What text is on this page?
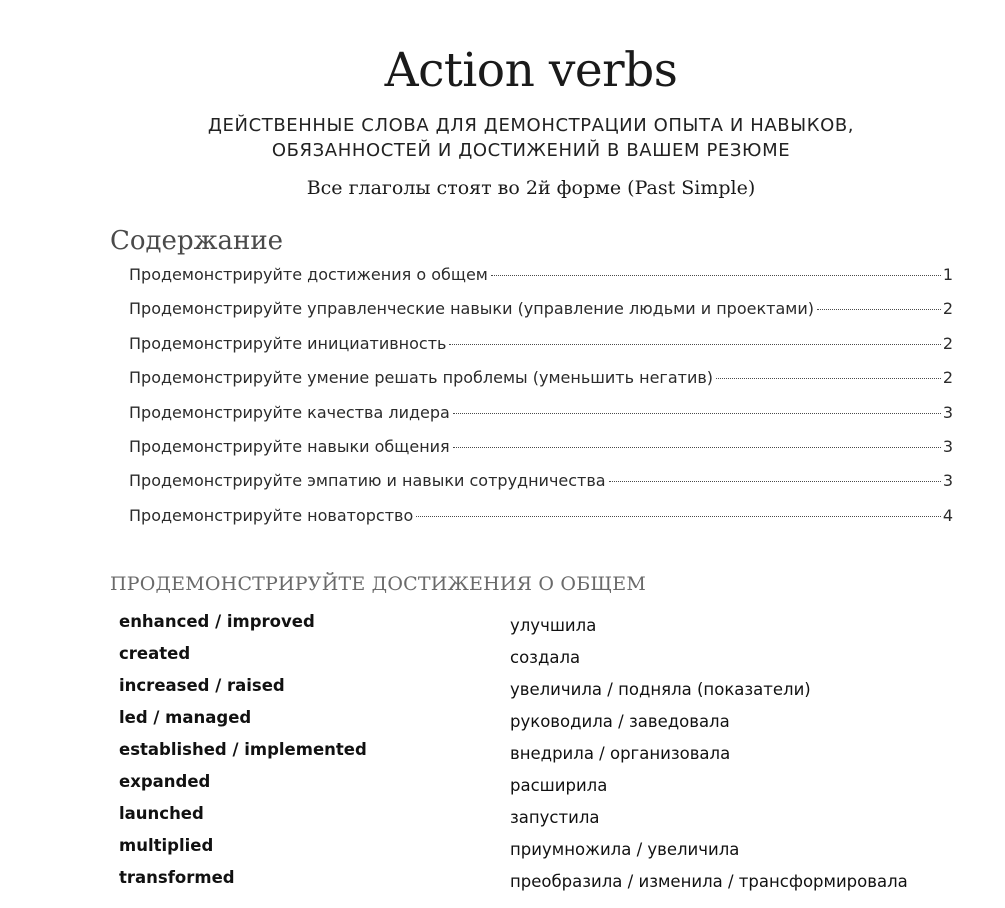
Action verbs
ДЕЙСТВЕННЫЕ СЛОВА ДЛЯ ДЕМОНСТРАЦИИ ОПЫТА И НАВЫКОВ,
ОБЯЗАННОСТЕЙ И ДОСТИЖЕНИЙ В ВАШЕМ РЕЗЮМЕ
Все глаголы стоят во 2й форме (Past Simple)
Содержание
Продемонстрируйте достижения о общем	1
Продемонстрируйте управленческие навыки (управление людьми и проектами)	2
Продемонстрируйте инициативность	2
Продемонстрируйте умение решать проблемы (уменьшить негатив)	2
Продемонстрируйте качества лидера	3
Продемонстрируйте навыки общения	3
Продемонстрируйте эмпатию и навыки сотрудничества	3
Продемонстрируйте новаторство	4
ПРОДЕМОНСТРИРУЙТЕ ДОСТИЖЕНИЯ О ОБЩЕМ
enhanced / improved	улучшила
created	создала
increased / raised	увеличила / подняла (показатели)
led / managed	руководила / заведовала
established / implemented	внедрила / организовала
expanded	расширила
launched	запустила
multiplied	приумножила / увеличила
transformed	преобразила / изменила / трансформировала
